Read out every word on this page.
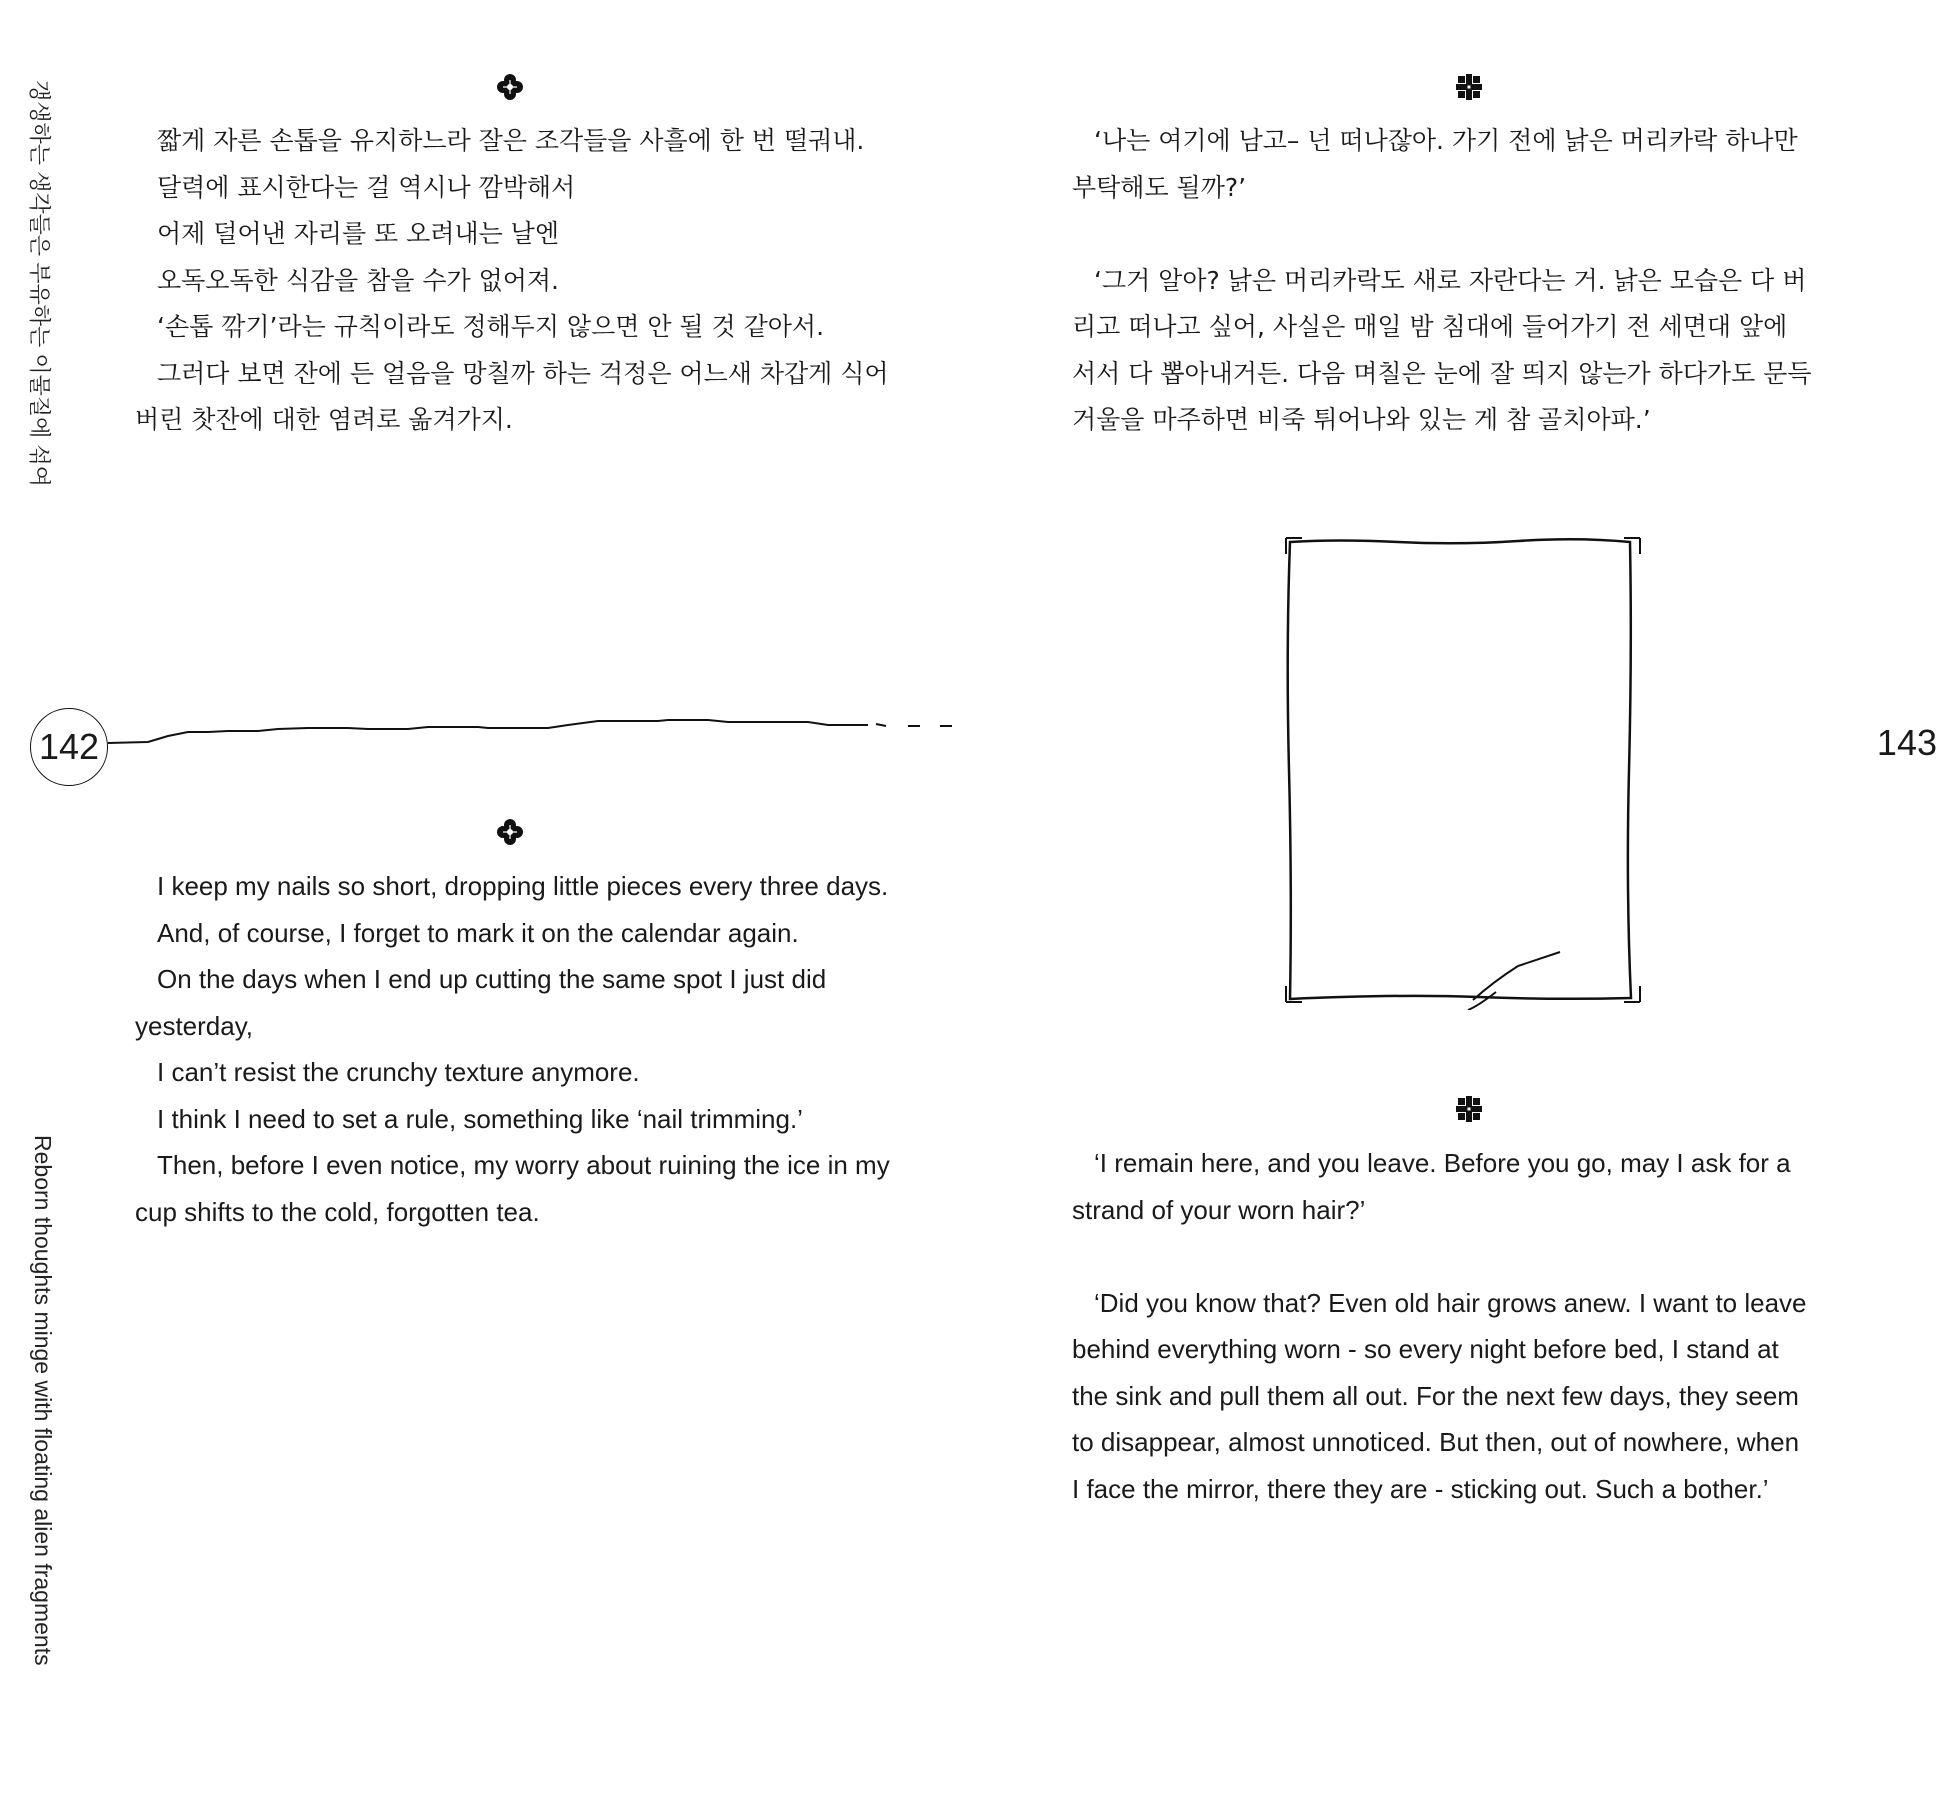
갱생하는 생각들은 부유하는 이물질에 섞여
Reborn thoughts minge with floating alien fragments

짧게 자른 손톱을 유지하느라 잘은 조각들을 사흘에 한 번 떨궈내.

달력에 표시한다는 걸 역시나 깜박해서

어제 덜어낸 자리를 또 오려내는 날엔

오독오독한 식감을 참을 수가 없어져.

‘손톱 깎기’라는 규칙이라도 정해두지 않으면 안 될 것 같아서.

그러다 보면 잔에 든 얼음을 망칠까 하는 걱정은 어느새 차갑게 식어버린 찻잔에 대한 염려로 옮겨가지.

142

I keep my nails so short, dropping little pieces every three days.

And, of course, I forget to mark it on the calendar again.

On the days when I end up cutting the same spot I just did yesterday,

I can’t resist the crunchy texture anymore.

I think I need to set a rule, something like ‘nail trimming.’

Then, before I even notice, my worry about ruining the ice in my cup shifts to the cold, forgotten tea.

‘나는 여기에 남고– 넌 떠나잖아. 가기 전에 낡은 머리카락 하나만 부탁해도 될까?’

‘그거 알아? 낡은 머리카락도 새로 자란다는 거. 낡은 모습은 다 버리고 떠나고 싶어, 사실은 매일 밤 침대에 들어가기 전 세면대 앞에 서서 다 뽑아내거든. 다음 며칠은 눈에 잘 띄지 않는가 하다가도 문득 거울을 마주하면 비죽 튀어나와 있는 게 참 골치아파.’

‘I remain here, and you leave. Before you go, may I ask for a strand of your worn hair?’

‘Did you know that? Even old hair grows anew. I want to leave behind everything worn - so every night before bed, I stand at the sink and pull them all out. For the next few days, they seem to disappear, almost unnoticed. But then, out of nowhere, when I face the mirror, there they are - sticking out. Such a bother.’

143
